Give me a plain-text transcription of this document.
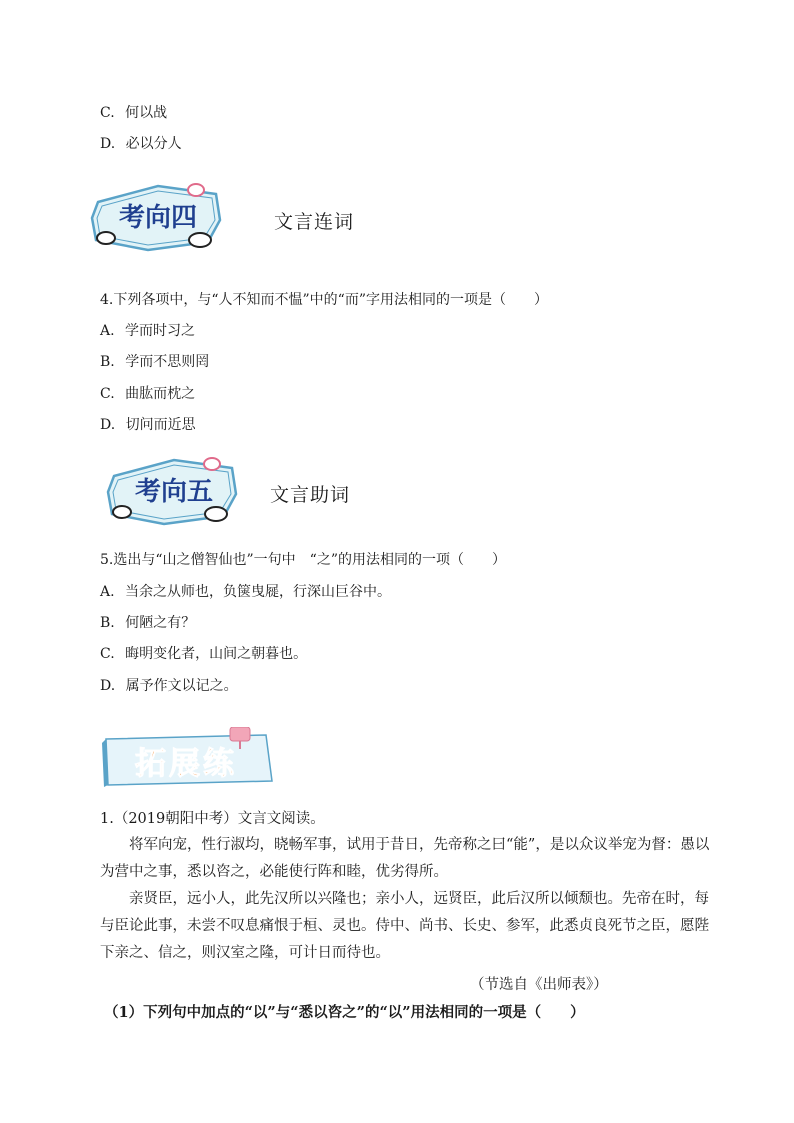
C. 何以战
D. 必以分人
考向四	文言连词
4.下列各项中，与“人不知而不愠”中的“而”字用法相同的一项是（　　）
A. 学而时习之
B. 学而不思则罔
C. 曲肱而枕之
D. 切问而近思
考向五	文言助词
5.选出与“山之僧智仙也”一句中　“之”的用法相同的一项（　　）
A. 当余之从师也，负箧曳屣，行深山巨谷中。
B. 何陋之有？
C. 晦明变化者，山间之朝暮也。
D. 属予作文以记之。
拓展练
1.（2019朝阳中考）文言文阅读。
将军向宠，性行淑均，晓畅军事，试用于昔日，先帝称之曰“能”，是以众议举宠为督：愚以为营中之事，悉以咨之，必能使行阵和睦，优劣得所。
亲贤臣，远小人，此先汉所以兴隆也；亲小人，远贤臣，此后汉所以倾颓也。先帝在时，每与臣论此事，未尝不叹息痛恨于桓、灵也。侍中、尚书、长史、参军，此悉贞良死节之臣，愿陛下亲之、信之，则汉室之隆，可计日而待也。
（节选自《出师表》）
（1）下列句中加点的“以”与“悉以咨之”的“以”用法相同的一项是（　　）
